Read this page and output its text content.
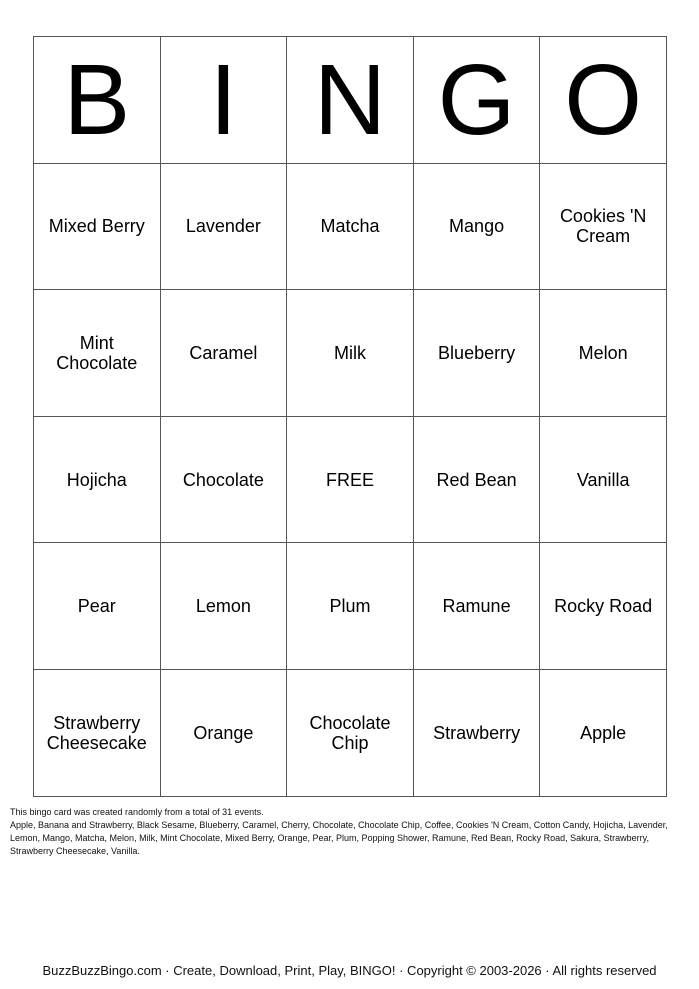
B	I	N	G	O
Mixed Berry	Lavender	Matcha	Mango	Cookies 'N Cream
Mint Chocolate	Caramel	Milk	Blueberry	Melon
Hojicha	Chocolate	FREE	Red Bean	Vanilla
Pear	Lemon	Plum	Ramune	Rocky Road
Strawberry Cheesecake	Orange	Chocolate Chip	Strawberry	Apple
This bingo card was created randomly from a total of 31 events.
Apple, Banana and Strawberry, Black Sesame, Blueberry, Caramel, Cherry, Chocolate, Chocolate Chip, Coffee, Cookies 'N Cream, Cotton Candy, Hojicha, Lavender, Lemon, Mango, Matcha, Melon, Milk, Mint Chocolate, Mixed Berry, Orange, Pear, Plum, Popping Shower, Ramune, Red Bean, Rocky Road, Sakura, Strawberry, Strawberry Cheesecake, Vanilla.
BuzzBuzzBingo.com · Create, Download, Print, Play, BINGO! · Copyright © 2003-2026 · All rights reserved
